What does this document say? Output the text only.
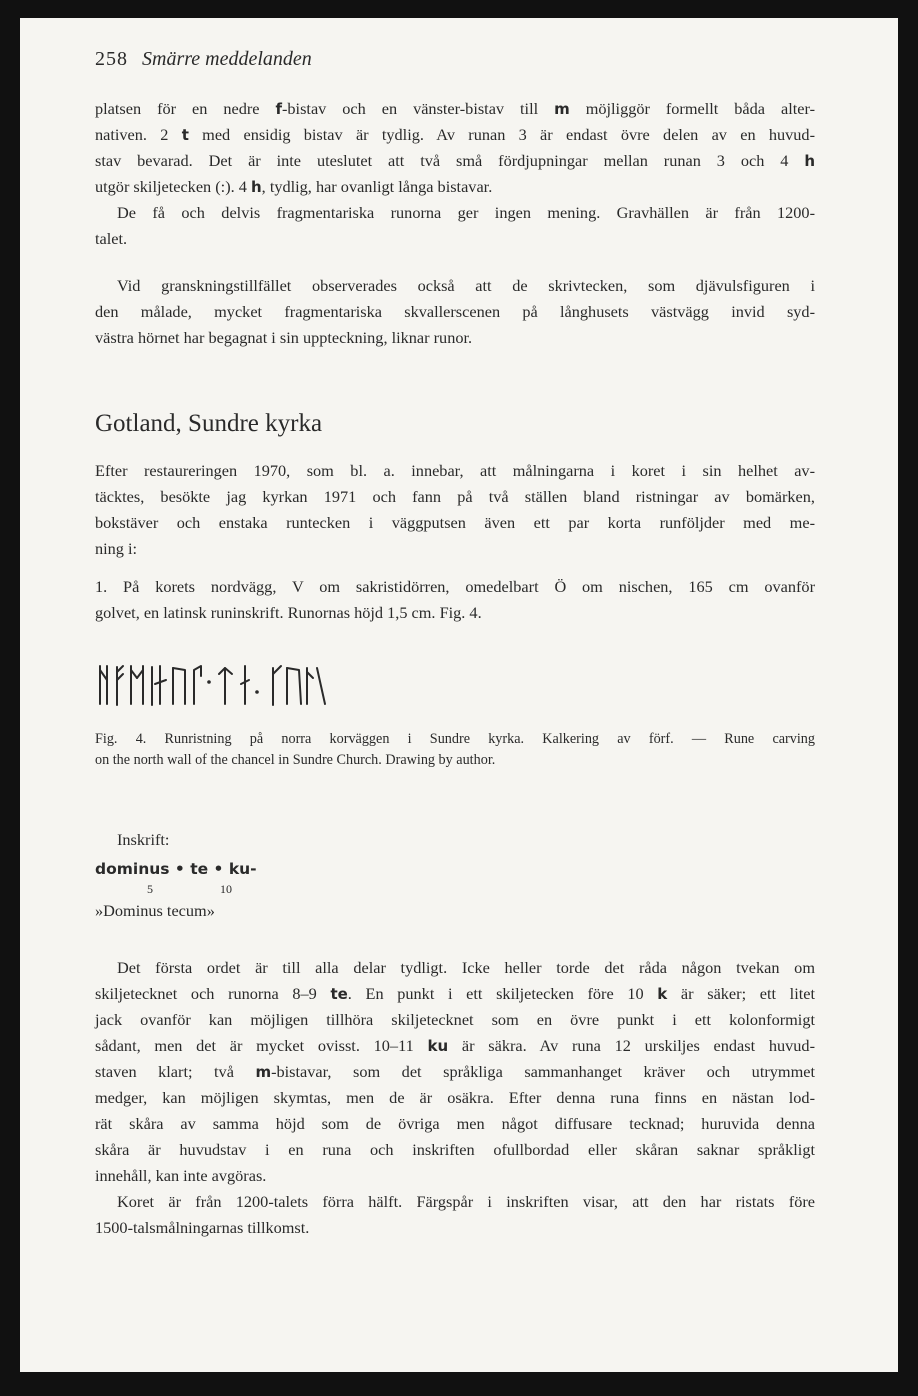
258 Smärre meddelanden
platsen för en nedre f-bistav och en vänster-bistav till m möjliggör formellt båda alter-
nativen. 2 t med ensidig bistav är tydlig. Av runan 3 är endast övre delen av en huvud-
stav bevarad. Det är inte uteslutet att två små fördjupningar mellan runan 3 och 4 h
utgör skiljetecken (:). 4 h, tydlig, har ovanligt långa bistavar.
De få och delvis fragmentariska runorna ger ingen mening. Gravhällen är från 1200-
talet.
Vid granskningstillfället observerades också att de skrivtecken, som djävulsfiguren i
den målade, mycket fragmentariska skvallerscenen på långhusets västvägg invid syd-
västra hörnet har begagnat i sin uppteckning, liknar runor.
Gotland, Sundre kyrka
Efter restaureringen 1970, som bl. a. innebar, att målningarna i koret i sin helhet av-
täcktes, besökte jag kyrkan 1971 och fann på två ställen bland ristningar av bomärken,
bokstäver och enstaka runtecken i väggputsen även ett par korta runföljder med me-
ning i:
1. På korets nordvägg, V om sakristidörren, omedelbart Ö om nischen, 165 cm ovanför
golvet, en latinsk runinskrift. Runornas höjd 1,5 cm. Fig. 4.
Fig. 4. Runristning på norra korväggen i Sundre kyrka. Kalkering av förf. — Rune carving
on the north wall of the chancel in Sundre Church. Drawing by author.
Inskrift:
dominus • te • ku-
5	10
»Dominus tecum»
Det första ordet är till alla delar tydligt. Icke heller torde det råda någon tvekan om
skiljetecknet och runorna 8–9 te. En punkt i ett skiljetecken före 10 k är säker; ett litet
jack ovanför kan möjligen tillhöra skiljetecknet som en övre punkt i ett kolonformigt
sådant, men det är mycket ovisst. 10–11 ku är säkra. Av runa 12 urskiljes endast huvud-
staven klart; två m-bistavar, som det språkliga sammanhanget kräver och utrymmet
medger, kan möjligen skymtas, men de är osäkra. Efter denna runa finns en nästan lod-
rät skåra av samma höjd som de övriga men något diffusare tecknad; huruvida denna
skåra är huvudstav i en runa och inskriften ofullbordad eller skåran saknar språkligt
innehåll, kan inte avgöras.
Koret är från 1200-talets förra hälft. Färgspår i inskriften visar, att den har ristats före
1500-talsmålningarnas tillkomst.
